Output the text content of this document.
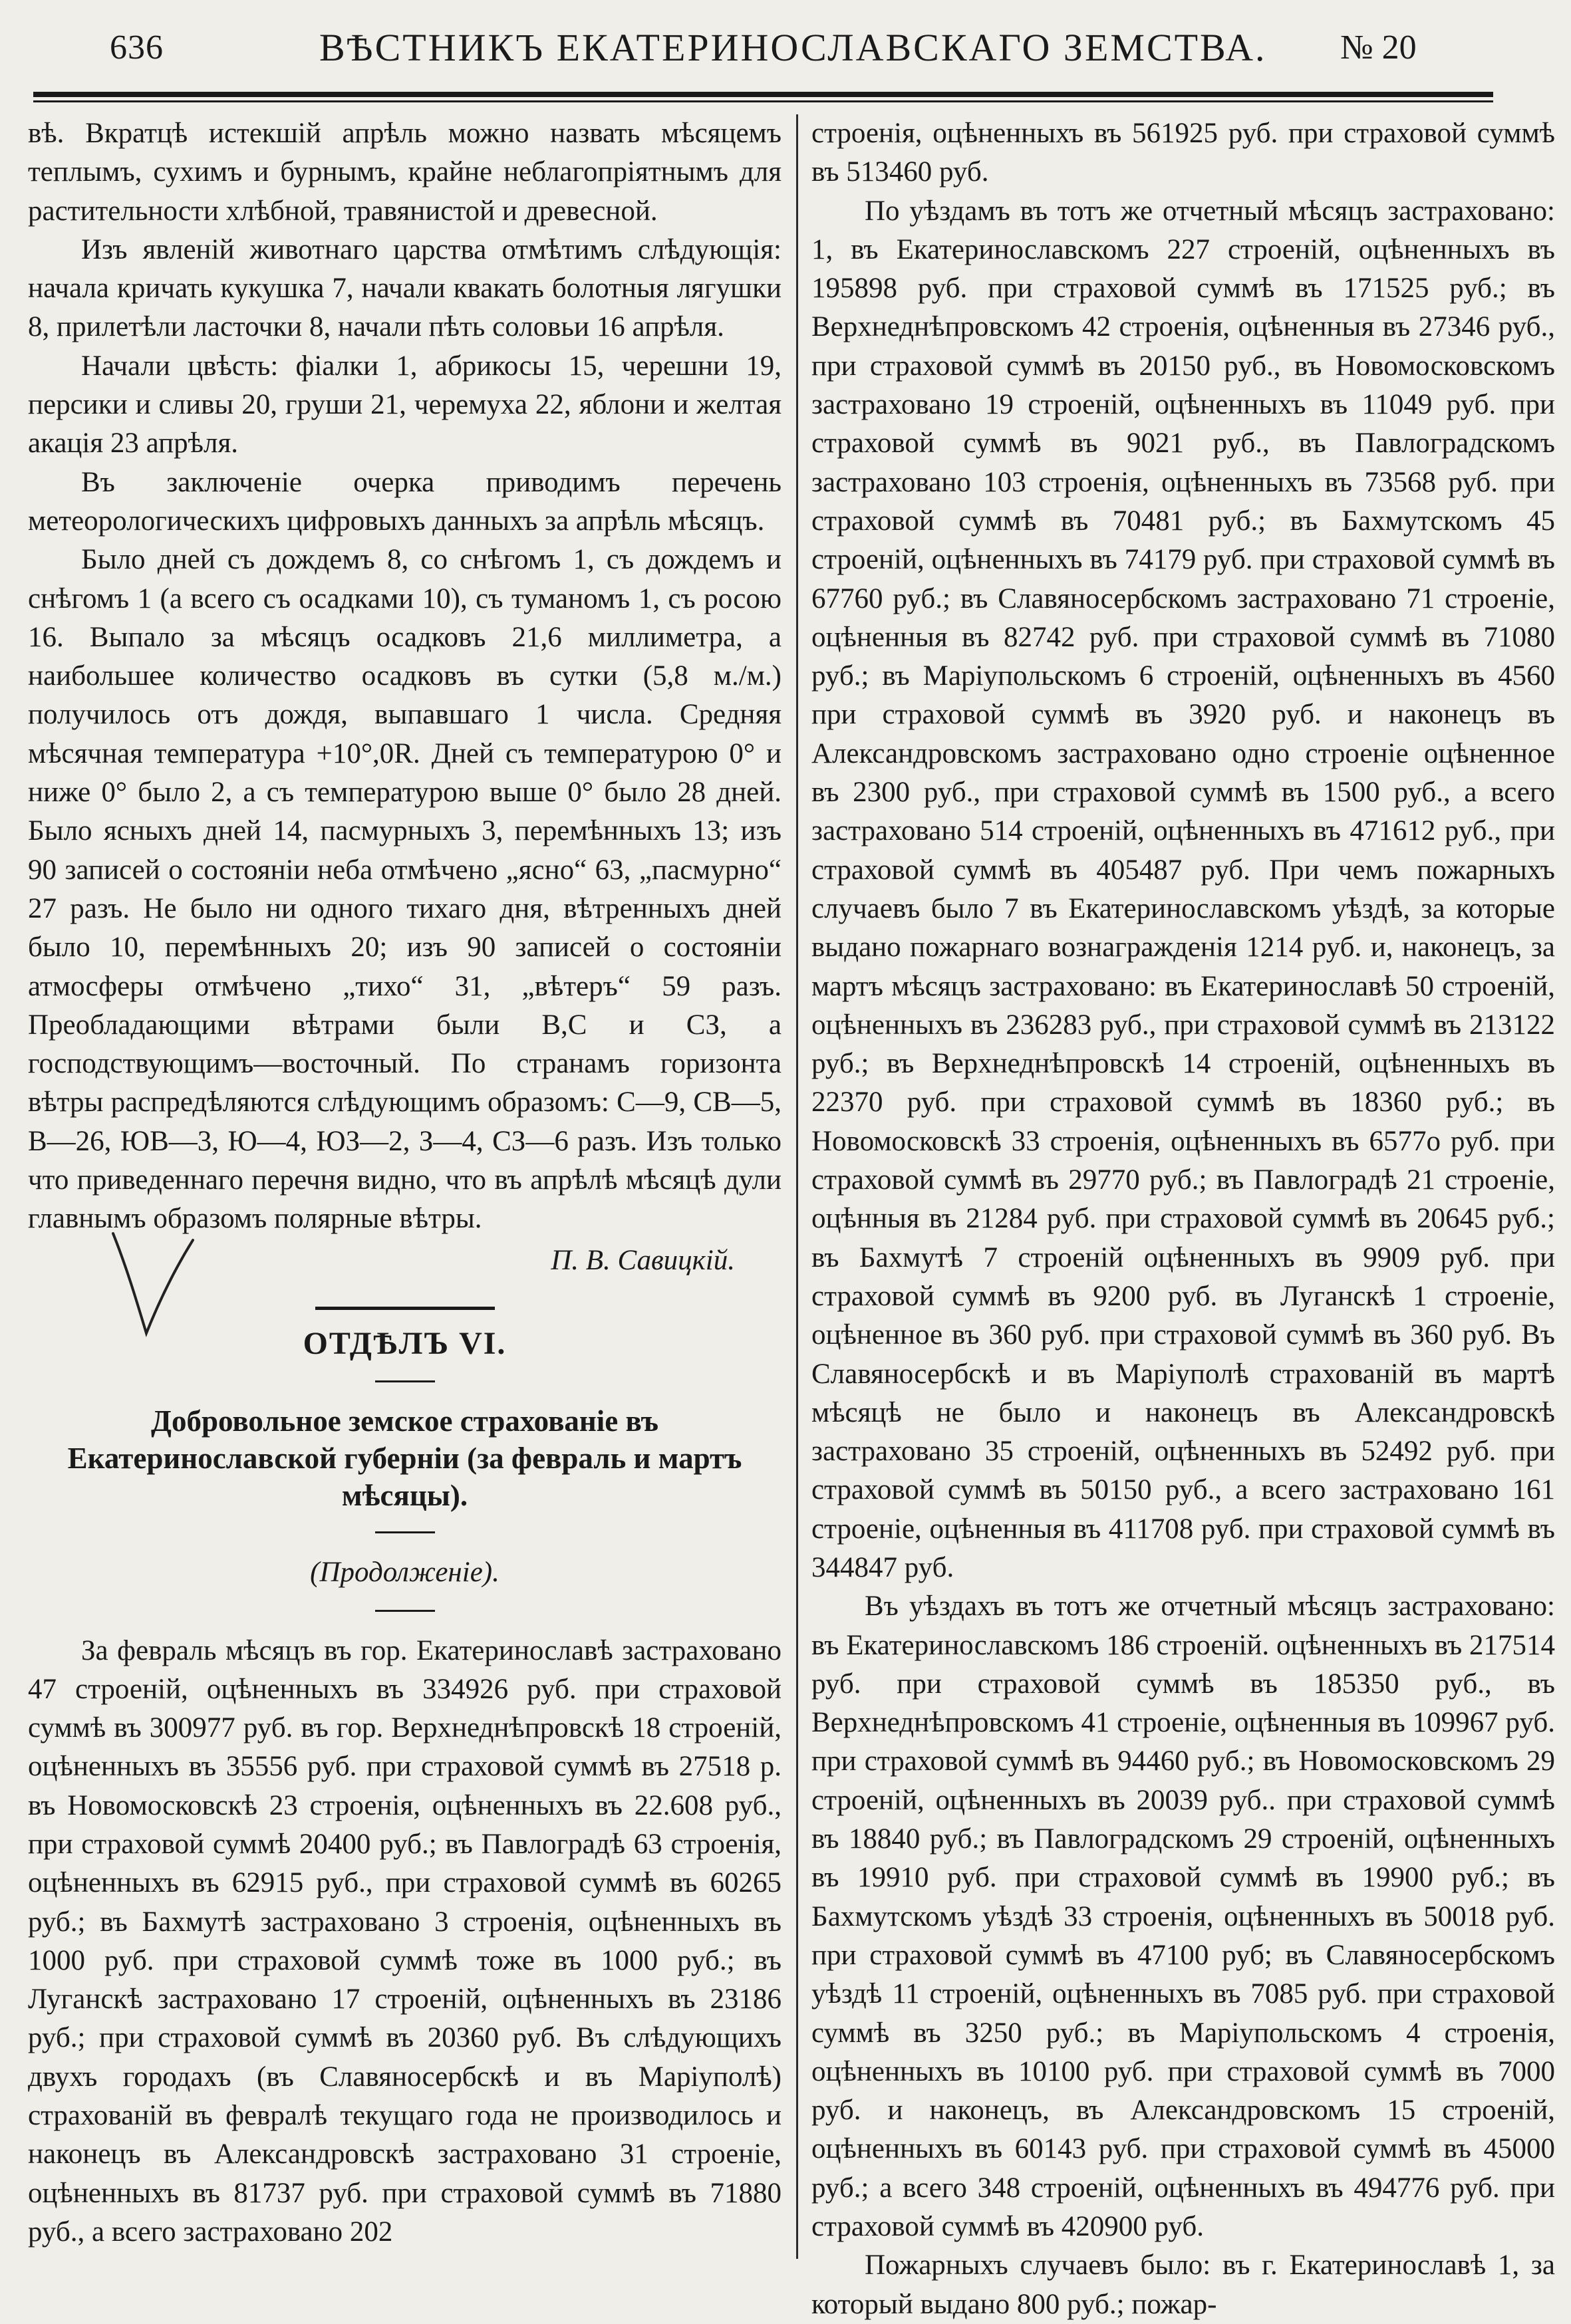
636	ВѢСТНИКЪ ЕКАТЕРИНОСЛАВСКАГО ЗЕМСТВА. № 20

вѣ. Вкратцѣ истекшій апрѣль можно назвать мѣсяцемъ теплымъ, сухимъ и бурнымъ, крайне неблагопріятнымъ для растительности хлѣбной, травянистой и древесной.

Изъ явленій животнаго царства отмѣтимъ слѣдующія: начала кричать кукушка 7, начали квакать болотныя лягушки 8, прилетѣли ласточки 8, начали пѣть соловьи 16 апрѣля.

Начали цвѣсть: фіалки 1, абрикосы 15, черешни 19, персики и сливы 20, груши 21, черемуха 22, яблони и желтая акація 23 апрѣля.

Въ заключеніе очерка приводимъ перечень метеорологическихъ цифровыхъ данныхъ за апрѣль мѣсяцъ.

Было дней съ дождемъ 8, со снѣгомъ 1, съ дождемъ и снѣгомъ 1 (а всего съ осадками 10), съ туманомъ 1, съ росою 16. Выпало за мѣсяцъ осадковъ 21,6 миллиметра, а наибольшее количество осадковъ въ сутки (5,8 м./м.) получилось отъ дождя, выпавшаго 1 числа. Средняя мѣсячная температура +10°,0R. Дней съ температурою 0° и ниже 0° было 2, а съ температурою выше 0° было 28 дней. Было ясныхъ дней 14, пасмурныхъ 3, перемѣнныхъ 13; изъ 90 записей о состояніи неба отмѣчено „ясно“ 63, „пасмурно“ 27 разъ. Не было ни одного тихаго дня, вѣтренныхъ дней было 10, перемѣнныхъ 20; изъ 90 записей о состояніи атмосферы отмѣчено „тихо“ 31, „вѣтеръ“ 59 разъ. Преобладающими вѣтрами были В,С и СЗ, а господствующимъ—восточный. По странамъ горизонта вѣтры распредѣляются слѣдующимъ образомъ: С—9, СВ—5, В—26, ЮВ—3, Ю—4, ЮЗ—2, З—4, СЗ—6 разъ. Изъ только что приведеннаго перечня видно, что въ апрѣлѣ мѣсяцѣ дули главнымъ образомъ полярные вѣтры.

П. В. Савицкій.
ОТДѢЛЪ VI.
Добровольное земское страхованіе въ Екатеринославской губерніи (за февраль и мартъ мѣсяцы).
(Продолженіе).

За февраль мѣсяцъ въ гор. Екатеринославѣ застраховано 47 строеній, оцѣненныхъ въ 334926 руб. при страховой суммѣ въ 300977 руб. въ гор. Верхнеднѣпровскѣ 18 строеній, оцѣненныхъ въ 35556 руб. при страховой суммѣ въ 27518 р. въ Новомосковскѣ 23 строенія, оцѣненныхъ въ 22.608 руб., при страховой суммѣ 20400 руб.; въ Павлоградѣ 63 строенія, оцѣненныхъ въ 62915 руб., при страховой суммѣ въ 60265 руб.; въ Бахмутѣ застраховано 3 строенія, оцѣненныхъ въ 1000 руб. при страховой суммѣ тоже въ 1000 руб.; въ Луганскѣ застраховано 17 строеній, оцѣненныхъ въ 23186 руб.; при страховой суммѣ въ 20360 руб. Въ слѣдующихъ двухъ городахъ (въ Славяносербскѣ и въ Маріуполѣ) страхованій въ февралѣ текущаго года не производилось и наконецъ въ Александровскѣ застраховано 31 строеніе, оцѣненныхъ въ 81737 руб. при страховой суммѣ въ 71880 руб., а всего застраховано 202

строенія, оцѣненныхъ въ 561925 руб. при страховой суммѣ въ 513460 руб.

По уѣздамъ въ тотъ же отчетный мѣсяцъ застраховано: 1, въ Екатеринославскомъ 227 строеній, оцѣненныхъ въ 195898 руб. при страховой суммѣ въ 171525 руб.; въ Верхнеднѣпровскомъ 42 строенія, оцѣненныя въ 27346 руб., при страховой суммѣ въ 20150 руб., въ Новомосковскомъ застраховано 19 строеній, оцѣненныхъ въ 11049 руб. при страховой суммѣ въ 9021 руб., въ Павлоградскомъ застраховано 103 строенія, оцѣненныхъ въ 73568 руб. при страховой суммѣ въ 70481 руб.; въ Бахмутскомъ 45 строеній, оцѣненныхъ въ 74179 руб. при страховой суммѣ въ 67760 руб.; въ Славяносербскомъ застраховано 71 строеніе, оцѣненныя въ 82742 руб. при страховой суммѣ въ 71080 руб.; въ Маріупольскомъ 6 строеній, оцѣненныхъ въ 4560 при страховой суммѣ въ 3920 руб. и наконецъ въ Александровскомъ застраховано одно строеніе оцѣненное въ 2300 руб., при страховой суммѣ въ 1500 руб., а всего застраховано 514 строеній, оцѣненныхъ въ 471612 руб., при страховой суммѣ въ 405487 руб. При чемъ пожарныхъ случаевъ было 7 въ Екатеринославскомъ уѣздѣ, за которые выдано пожарнаго вознагражденія 1214 руб. и, наконецъ, за мартъ мѣсяцъ застраховано: въ Екатеринославѣ 50 строеній, оцѣненныхъ въ 236283 руб., при страховой суммѣ въ 213122 руб.; въ Верхнеднѣпровскѣ 14 строеній, оцѣненныхъ въ 22370 руб. при страховой суммѣ въ 18360 руб.; въ Новомосковскѣ 33 строенія, оцѣненныхъ въ 6577о руб. при страховой суммѣ въ 29770 руб.; въ Павлоградѣ 21 строеніе, оцѣнныя въ 21284 руб. при страховой суммѣ въ 20645 руб.; въ Бахмутѣ 7 строеній оцѣненныхъ въ 9909 руб. при страховой суммѣ въ 9200 руб. въ Луганскѣ 1 строеніе, оцѣненное въ 360 руб. при страховой суммѣ въ 360 руб. Въ Славяносербскѣ и въ Маріуполѣ страхованій въ мартѣ мѣсяцѣ не было и наконецъ въ Александровскѣ застраховано 35 строеній, оцѣненныхъ въ 52492 руб. при страховой суммѣ въ 50150 руб., а всего застраховано 161 строеніе, оцѣненныя въ 411708 руб. при страховой суммѣ въ 344847 руб.

Въ уѣздахъ въ тотъ же отчетный мѣсяцъ застраховано: въ Екатеринославскомъ 186 строеній. оцѣненныхъ въ 217514 руб. при страховой суммѣ въ 185350 руб., въ Верхнеднѣпровскомъ 41 строеніе, оцѣненныя въ 109967 руб. при страховой суммѣ въ 94460 руб.; въ Новомосковскомъ 29 строеній, оцѣненныхъ въ 20039 руб.. при страховой суммѣ въ 18840 руб.; въ Павлоградскомъ 29 строеній, оцѣненныхъ въ 19910 руб. при страховой суммѣ въ 19900 руб.; въ Бахмутскомъ уѣздѣ 33 строенія, оцѣненныхъ въ 50018 руб. при страховой суммѣ въ 47100 руб; въ Славяносербскомъ уѣздѣ 11 строеній, оцѣненныхъ въ 7085 руб. при страховой суммѣ въ 3250 руб.; въ Маріупольскомъ 4 строенія, оцѣненныхъ въ 10100 руб. при страховой суммѣ въ 7000 руб. и наконецъ, въ Александровскомъ 15 строеній, оцѣненныхъ въ 60143 руб. при страховой суммѣ въ 45000 руб.; а всего 348 строеній, оцѣненныхъ въ 494776 руб. при страховой суммѣ въ 420900 руб.

Пожарныхъ случаевъ было: въ г. Екатеринославѣ 1, за который выдано 800 руб.; пожар-
